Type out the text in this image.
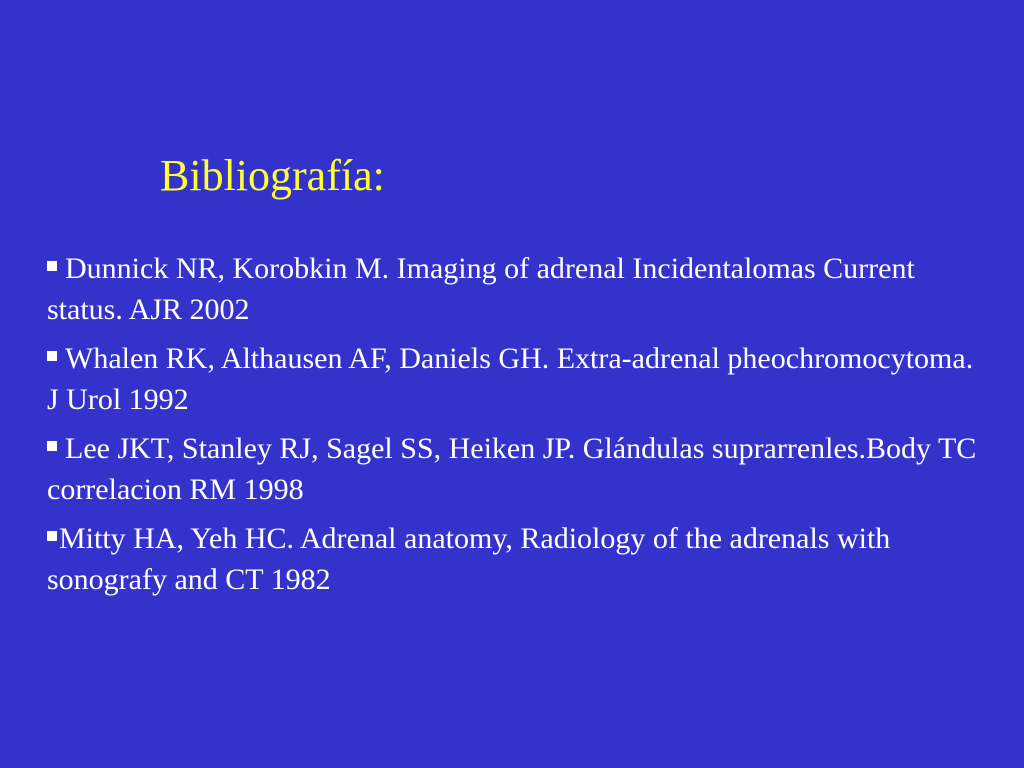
Bibliografía:
Dunnick NR, Korobkin M. Imaging of adrenal Incidentalomas Current status. AJR 2002
Whalen RK, Althausen AF, Daniels GH. Extra-adrenal pheochromocytoma. J Urol 1992
Lee JKT, Stanley RJ, Sagel SS, Heiken JP. Glándulas suprarrenles.Body TC correlacion RM 1998
Mitty HA, Yeh HC. Adrenal anatomy, Radiology of the adrenals with sonografy and CT 1982
